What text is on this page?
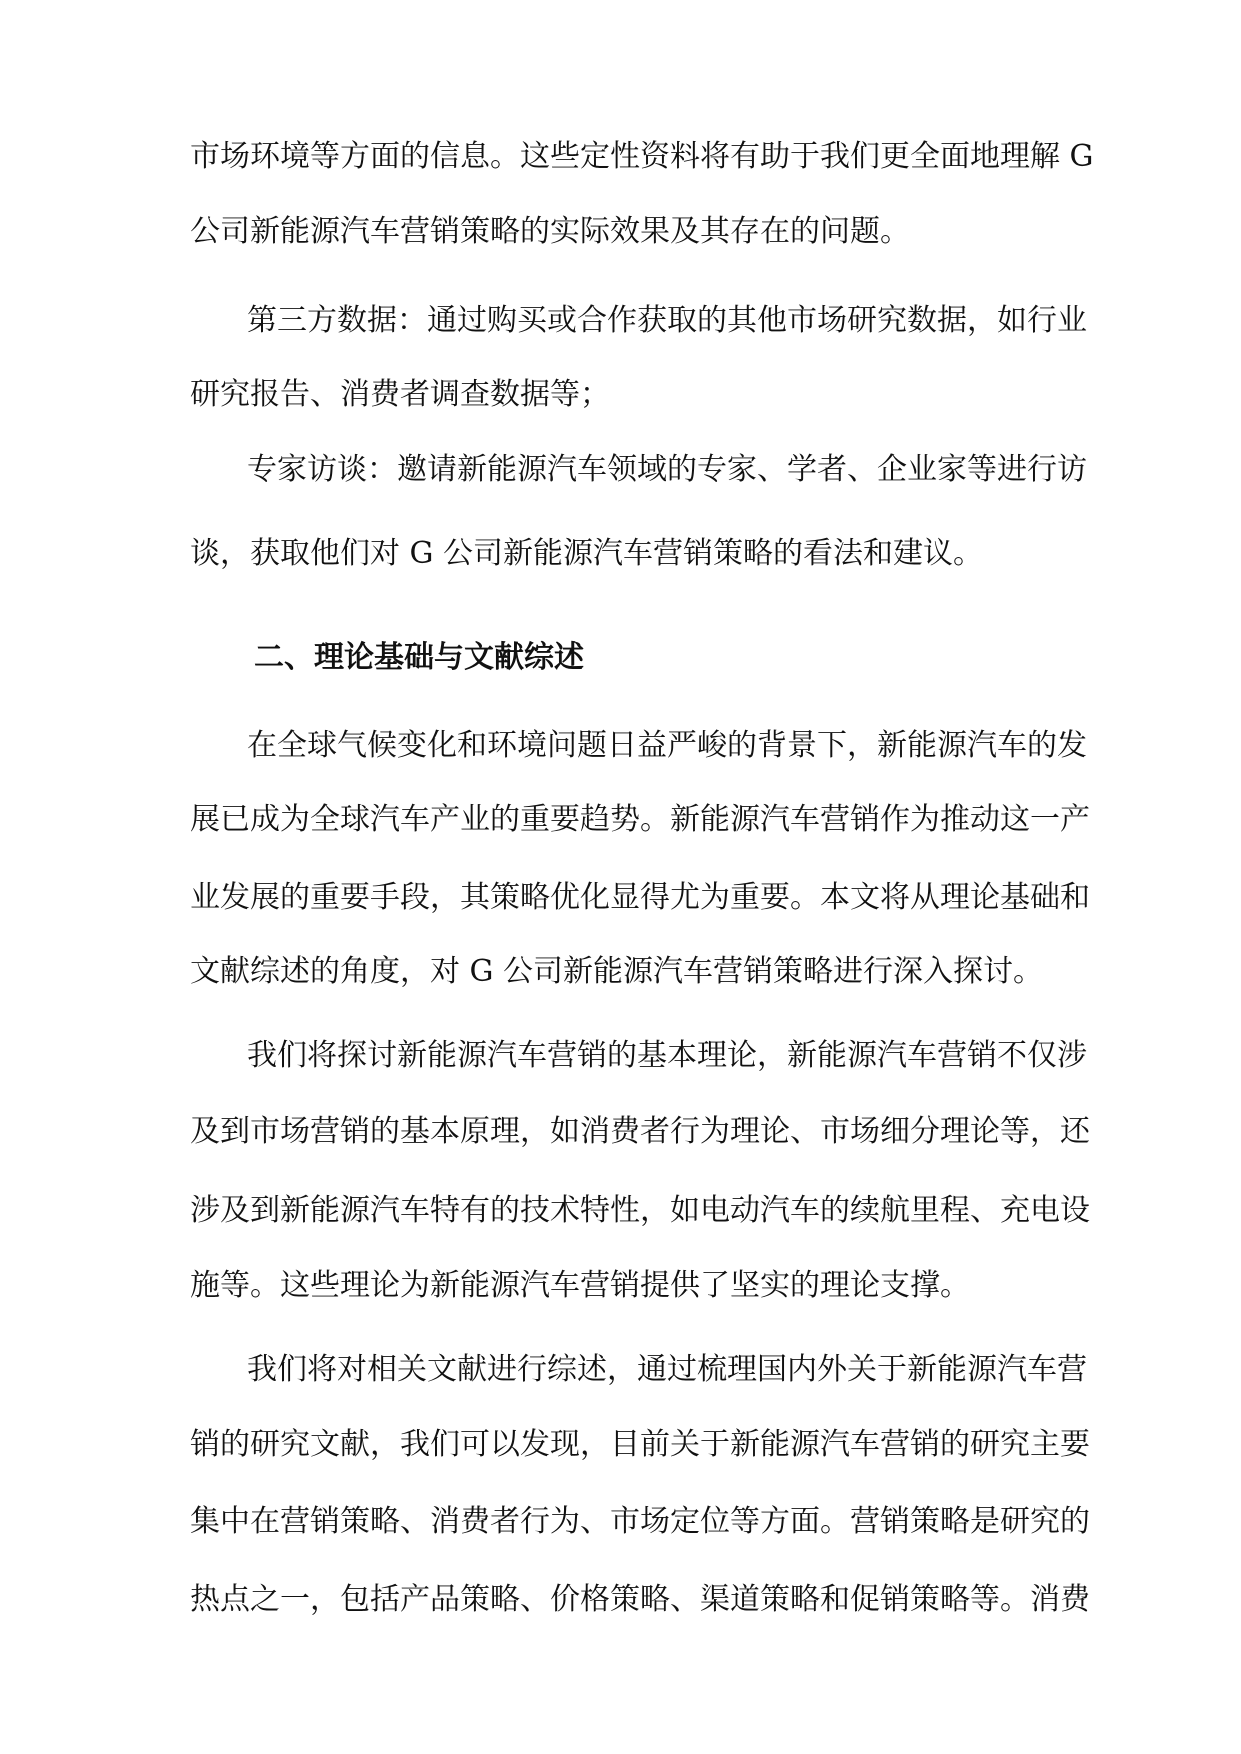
市场环境等方面的信息。这些定性资料将有助于我们更全面地理解 G

公司新能源汽车营销策略的实际效果及其存在的问题。

第三方数据：通过购买或合作获取的其他市场研究数据，如行业

研究报告、消费者调查数据等；

专家访谈：邀请新能源汽车领域的专家、学者、企业家等进行访

谈，获取他们对 G 公司新能源汽车营销策略的看法和建议。

二、理论基础与文献综述

在全球气候变化和环境问题日益严峻的背景下，新能源汽车的发

展已成为全球汽车产业的重要趋势。新能源汽车营销作为推动这一产

业发展的重要手段，其策略优化显得尤为重要。本文将从理论基础和

文献综述的角度，对 G 公司新能源汽车营销策略进行深入探讨。

我们将探讨新能源汽车营销的基本理论，新能源汽车营销不仅涉

及到市场营销的基本原理，如消费者行为理论、市场细分理论等，还

涉及到新能源汽车特有的技术特性，如电动汽车的续航里程、充电设

施等。这些理论为新能源汽车营销提供了坚实的理论支撑。

我们将对相关文献进行综述，通过梳理国内外关于新能源汽车营

销的研究文献，我们可以发现，目前关于新能源汽车营销的研究主要

集中在营销策略、消费者行为、市场定位等方面。营销策略是研究的

热点之一，包括产品策略、价格策略、渠道策略和促销策略等。消费
